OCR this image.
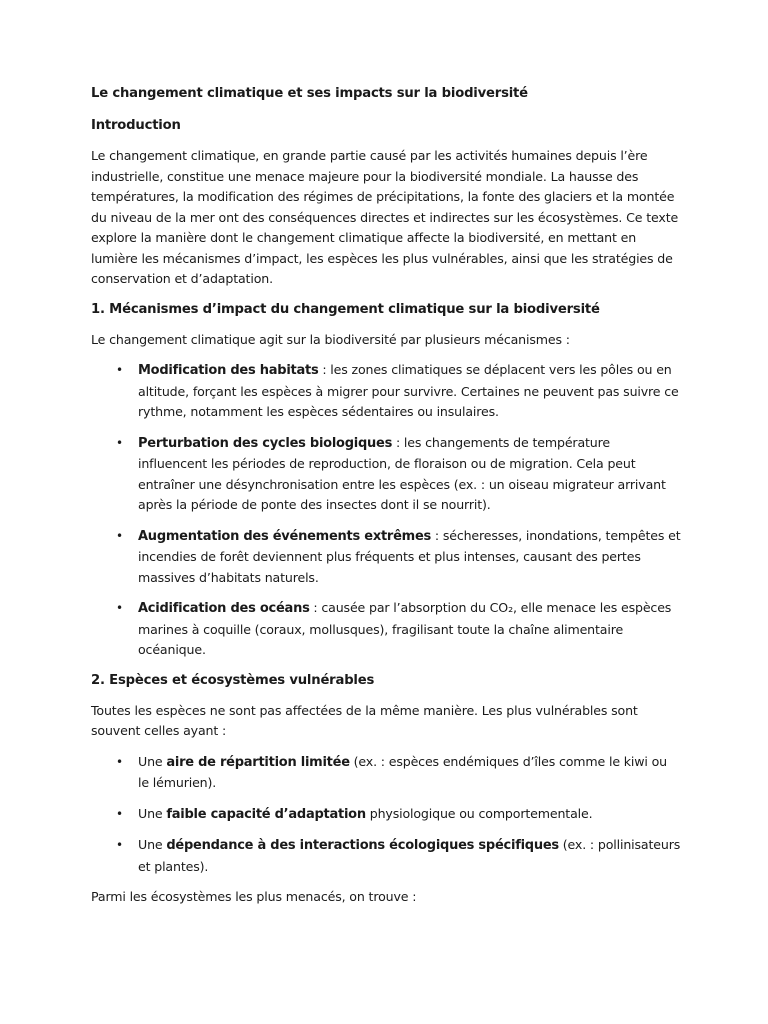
Le changement climatique et ses impacts sur la biodiversité
Introduction

Le changement climatique, en grande partie causé par les activités humaines depuis l’ère industrielle, constitue une menace majeure pour la biodiversité mondiale. La hausse des températures, la modification des régimes de précipitations, la fonte des glaciers et la montée du niveau de la mer ont des conséquences directes et indirectes sur les écosystèmes. Ce texte explore la manière dont le changement climatique affecte la biodiversité, en mettant en lumière les mécanismes d’impact, les espèces les plus vulnérables, ainsi que les stratégies de conservation et d’adaptation.

1. Mécanismes d’impact du changement climatique sur la biodiversité

Le changement climatique agit sur la biodiversité par plusieurs mécanismes :

• Modification des habitats : les zones climatiques se déplacent vers les pôles ou en altitude, forçant les espèces à migrer pour survivre. Certaines ne peuvent pas suivre ce rythme, notamment les espèces sédentaires ou insulaires.
• Perturbation des cycles biologiques : les changements de température influencent les périodes de reproduction, de floraison ou de migration. Cela peut entraîner une désynchronisation entre les espèces (ex. : un oiseau migrateur arrivant après la période de ponte des insectes dont il se nourrit).
• Augmentation des événements extrêmes : sécheresses, inondations, tempêtes et incendies de forêt deviennent plus fréquents et plus intenses, causant des pertes massives d’habitats naturels.
• Acidification des océans : causée par l’absorption du CO₂, elle menace les espèces marines à coquille (coraux, mollusques), fragilisant toute la chaîne alimentaire océanique.
2. Espèces et écosystèmes vulnérables

Toutes les espèces ne sont pas affectées de la même manière. Les plus vulnérables sont souvent celles ayant :

• Une aire de répartition limitée (ex. : espèces endémiques d’îles comme le kiwi ou le lémurien).
• Une faible capacité d’adaptation physiologique ou comportementale.
• Une dépendance à des interactions écologiques spécifiques (ex. : pollinisateurs et plantes).

Parmi les écosystèmes les plus menacés, on trouve :
